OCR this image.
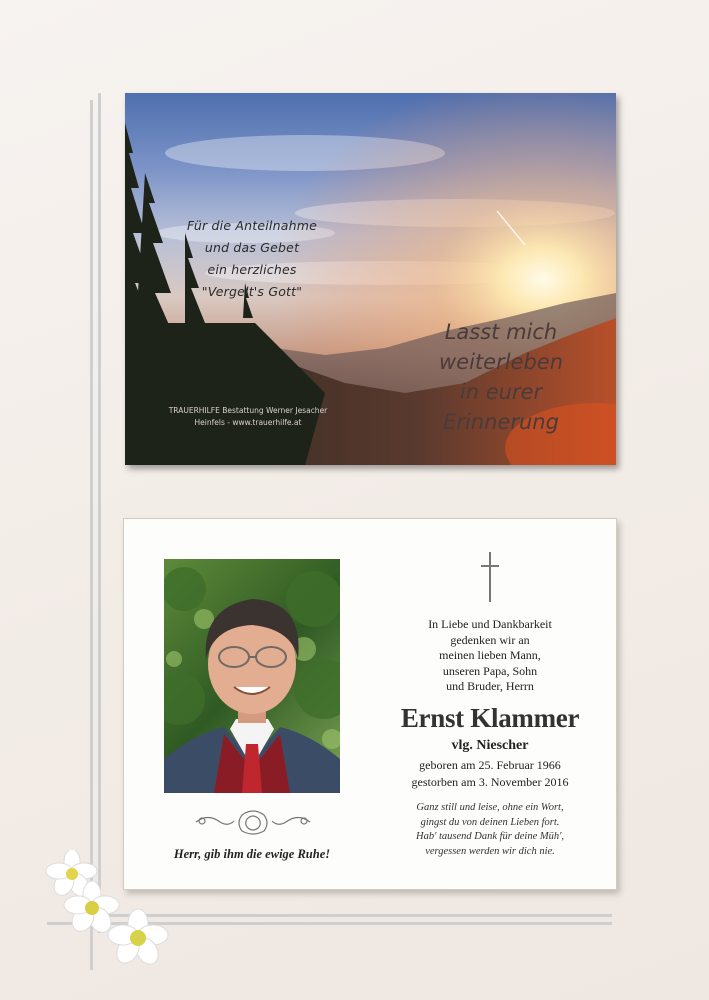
Für die Anteilnahme
und das Gebet
ein herzliches
"Vergelt's Gott"
Lasst mich
weiterleben
in eurer
Erinnerung
TRAUERHILFE Bestattung Werner Jesacher
Heinfels - www.trauerhilfe.at
Herr, gib ihm die ewige Ruhe!
In Liebe und Dankbarkeit
gedenken wir an
meinen lieben Mann,
unseren Papa, Sohn
und Bruder, Herrn
Ernst Klammer
vlg. Niescher
geboren am 25. Februar 1966
gestorben am 3. November 2016
Ganz still und leise, ohne ein Wort,
gingst du von deinen Lieben fort.
Hab' tausend Dank für deine Müh',
vergessen werden wir dich nie.
